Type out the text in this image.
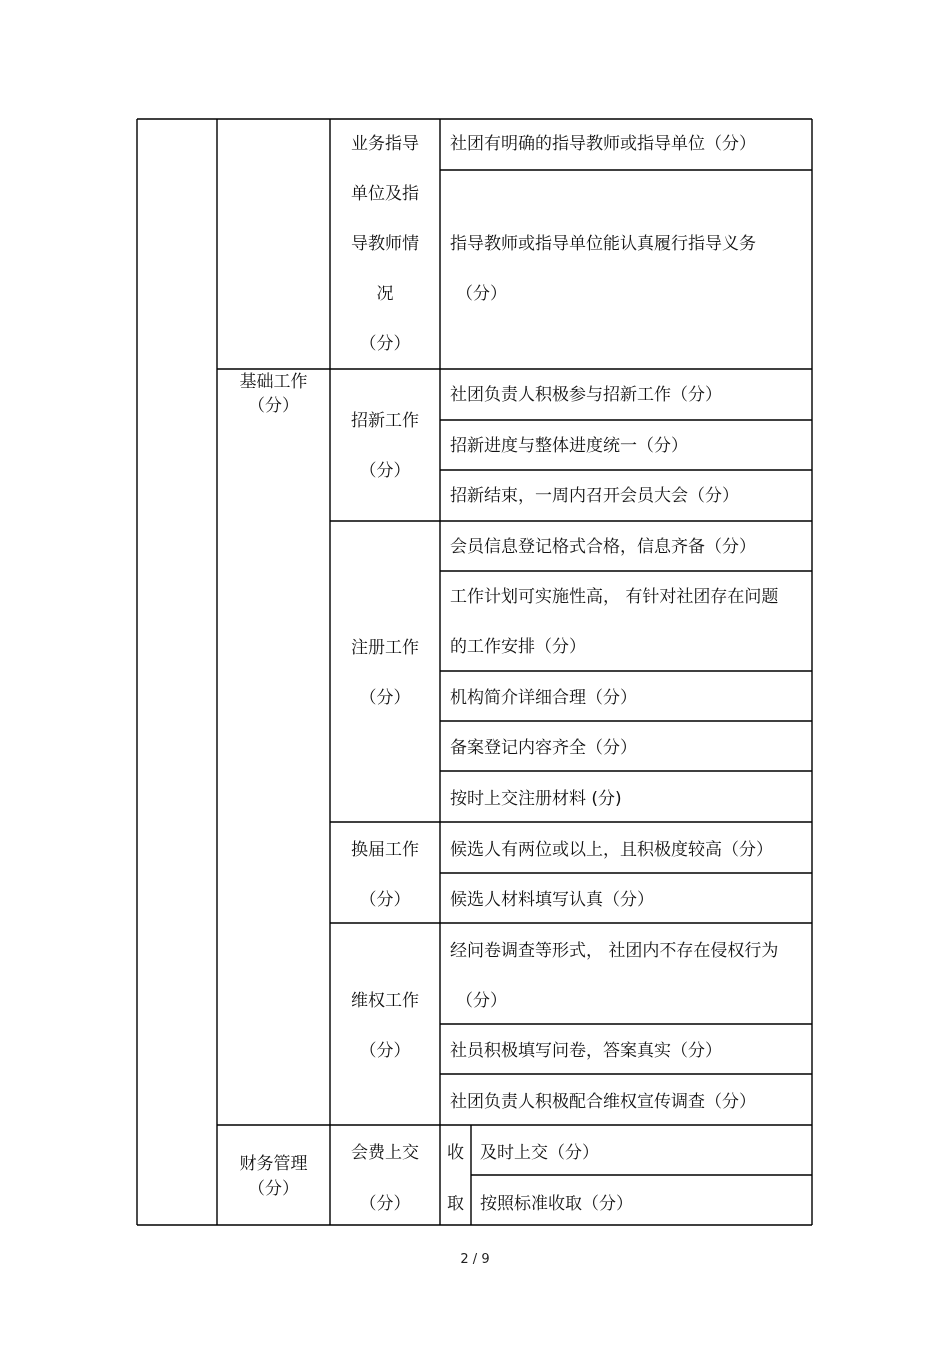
业务指导
单位及指
导教师情
况
（分）
社团有明确的指导教师或指导单位（分）
指导教师或指导单位能认真履行指导义务
（分）
基础工作
（分）
招新工作
（分）
社团负责人积极参与招新工作（分）
招新进度与整体进度统一（分）
招新结束，一周内召开会员大会（分）
注册工作
（分）
会员信息登记格式合格，信息齐备（分）
工作计划可实施性高， 有针对社团存在问题
的工作安排（分）
机构简介详细合理（分）
备案登记内容齐全（分）
按时上交注册材料 (分)
换届工作
（分）
候选人有两位或以上，且积极度较高（分）
候选人材料填写认真（分）
维权工作
（分）
经问卷调查等形式， 社团内不存在侵权行为
（分）
社员积极填写问卷，答案真实（分）
社团负责人积极配合维权宣传调查（分）
财务管理
（分）
会费上交
（分）
收
取
及时上交（分）
按照标准收取（分）
2 / 9
